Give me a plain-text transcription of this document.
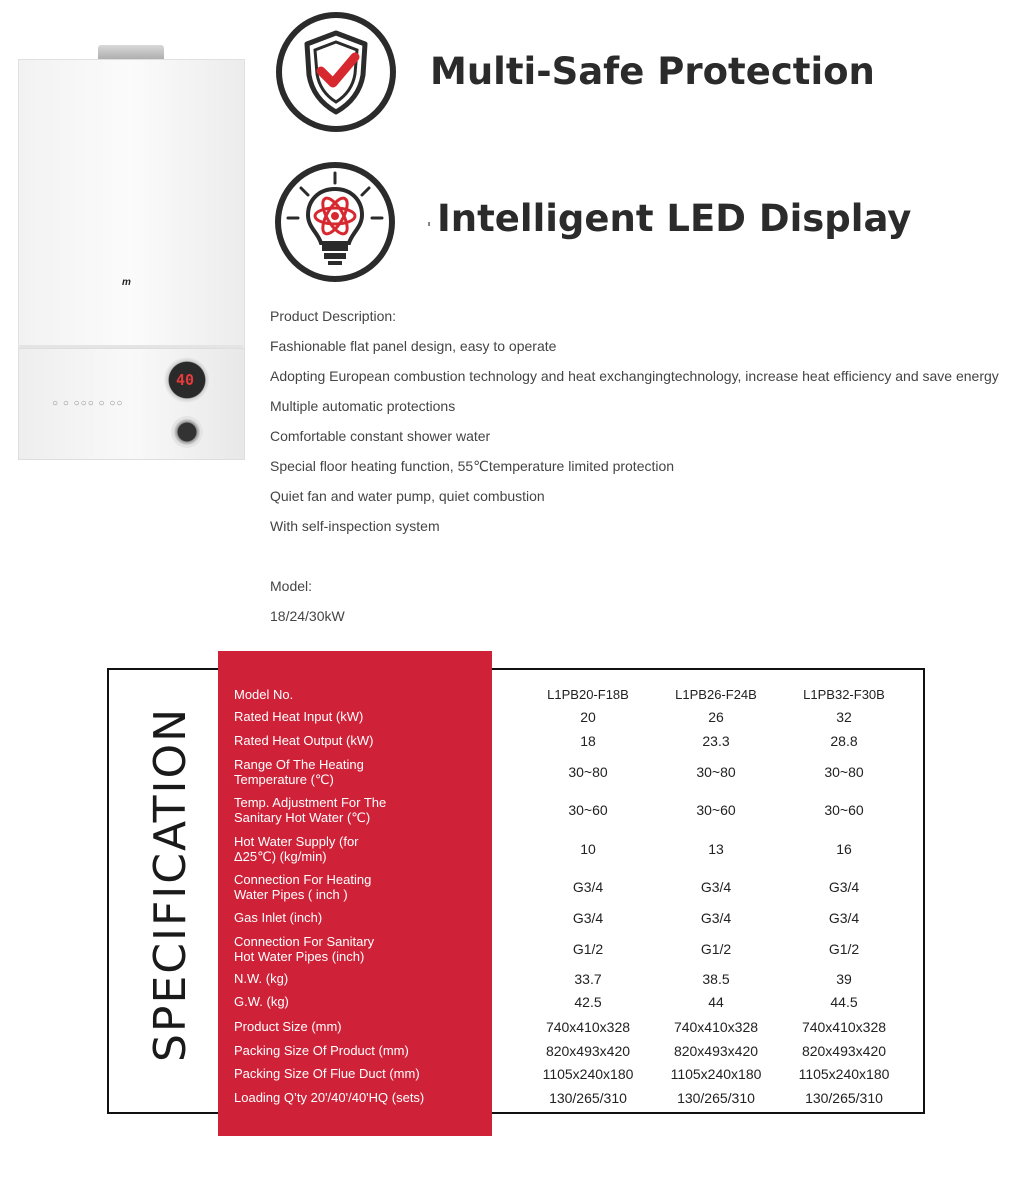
m
○ ○ ○○○ ○ ○○
40
Multi-Safe Protection
Intelligent LED Display
Product Description:
Fashionable flat panel design, easy to operate
Adopting European combustion technology and heat exchangingtechnology, increase heat efficiency and save energy
Multiple automatic protections
Comfortable constant shower water
Special floor heating function, 55℃temperature limited protection
Quiet fan and water pump, quiet combustion
With self-inspection system
Model:
18/24/30kW
SPECIFICATION
Model No.	L1PB20-F18B	L1PB26-F24B	L1PB32-F30B
Rated Heat Input (kW)	20	26	32
Rated Heat Output (kW)	18	23.3	28.8
Range Of The Heating Temperature (℃)	30~80	30~80	30~80
Temp. Adjustment For The Sanitary Hot Water (℃)	30~60	30~60	30~60
Hot Water Supply (for Δ25℃) (kg/min)	10	13	16
Connection For Heating Water Pipes ( inch )	G3/4	G3/4	G3/4
Gas Inlet (inch)	G3/4	G3/4	G3/4
Connection For Sanitary Hot Water Pipes (inch)	G1/2	G1/2	G1/2
N.W. (kg)	33.7	38.5	39
G.W. (kg)	42.5	44	44.5
Product Size (mm)	740x410x328	740x410x328	740x410x328
Packing Size Of Product (mm)	820x493x420	820x493x420	820x493x420
Packing Size Of Flue Duct (mm)	1105x240x180	1105x240x180	1105x240x180
Loading Q’ty 20'/40'/40'HQ (sets)	130/265/310	130/265/310	130/265/310
